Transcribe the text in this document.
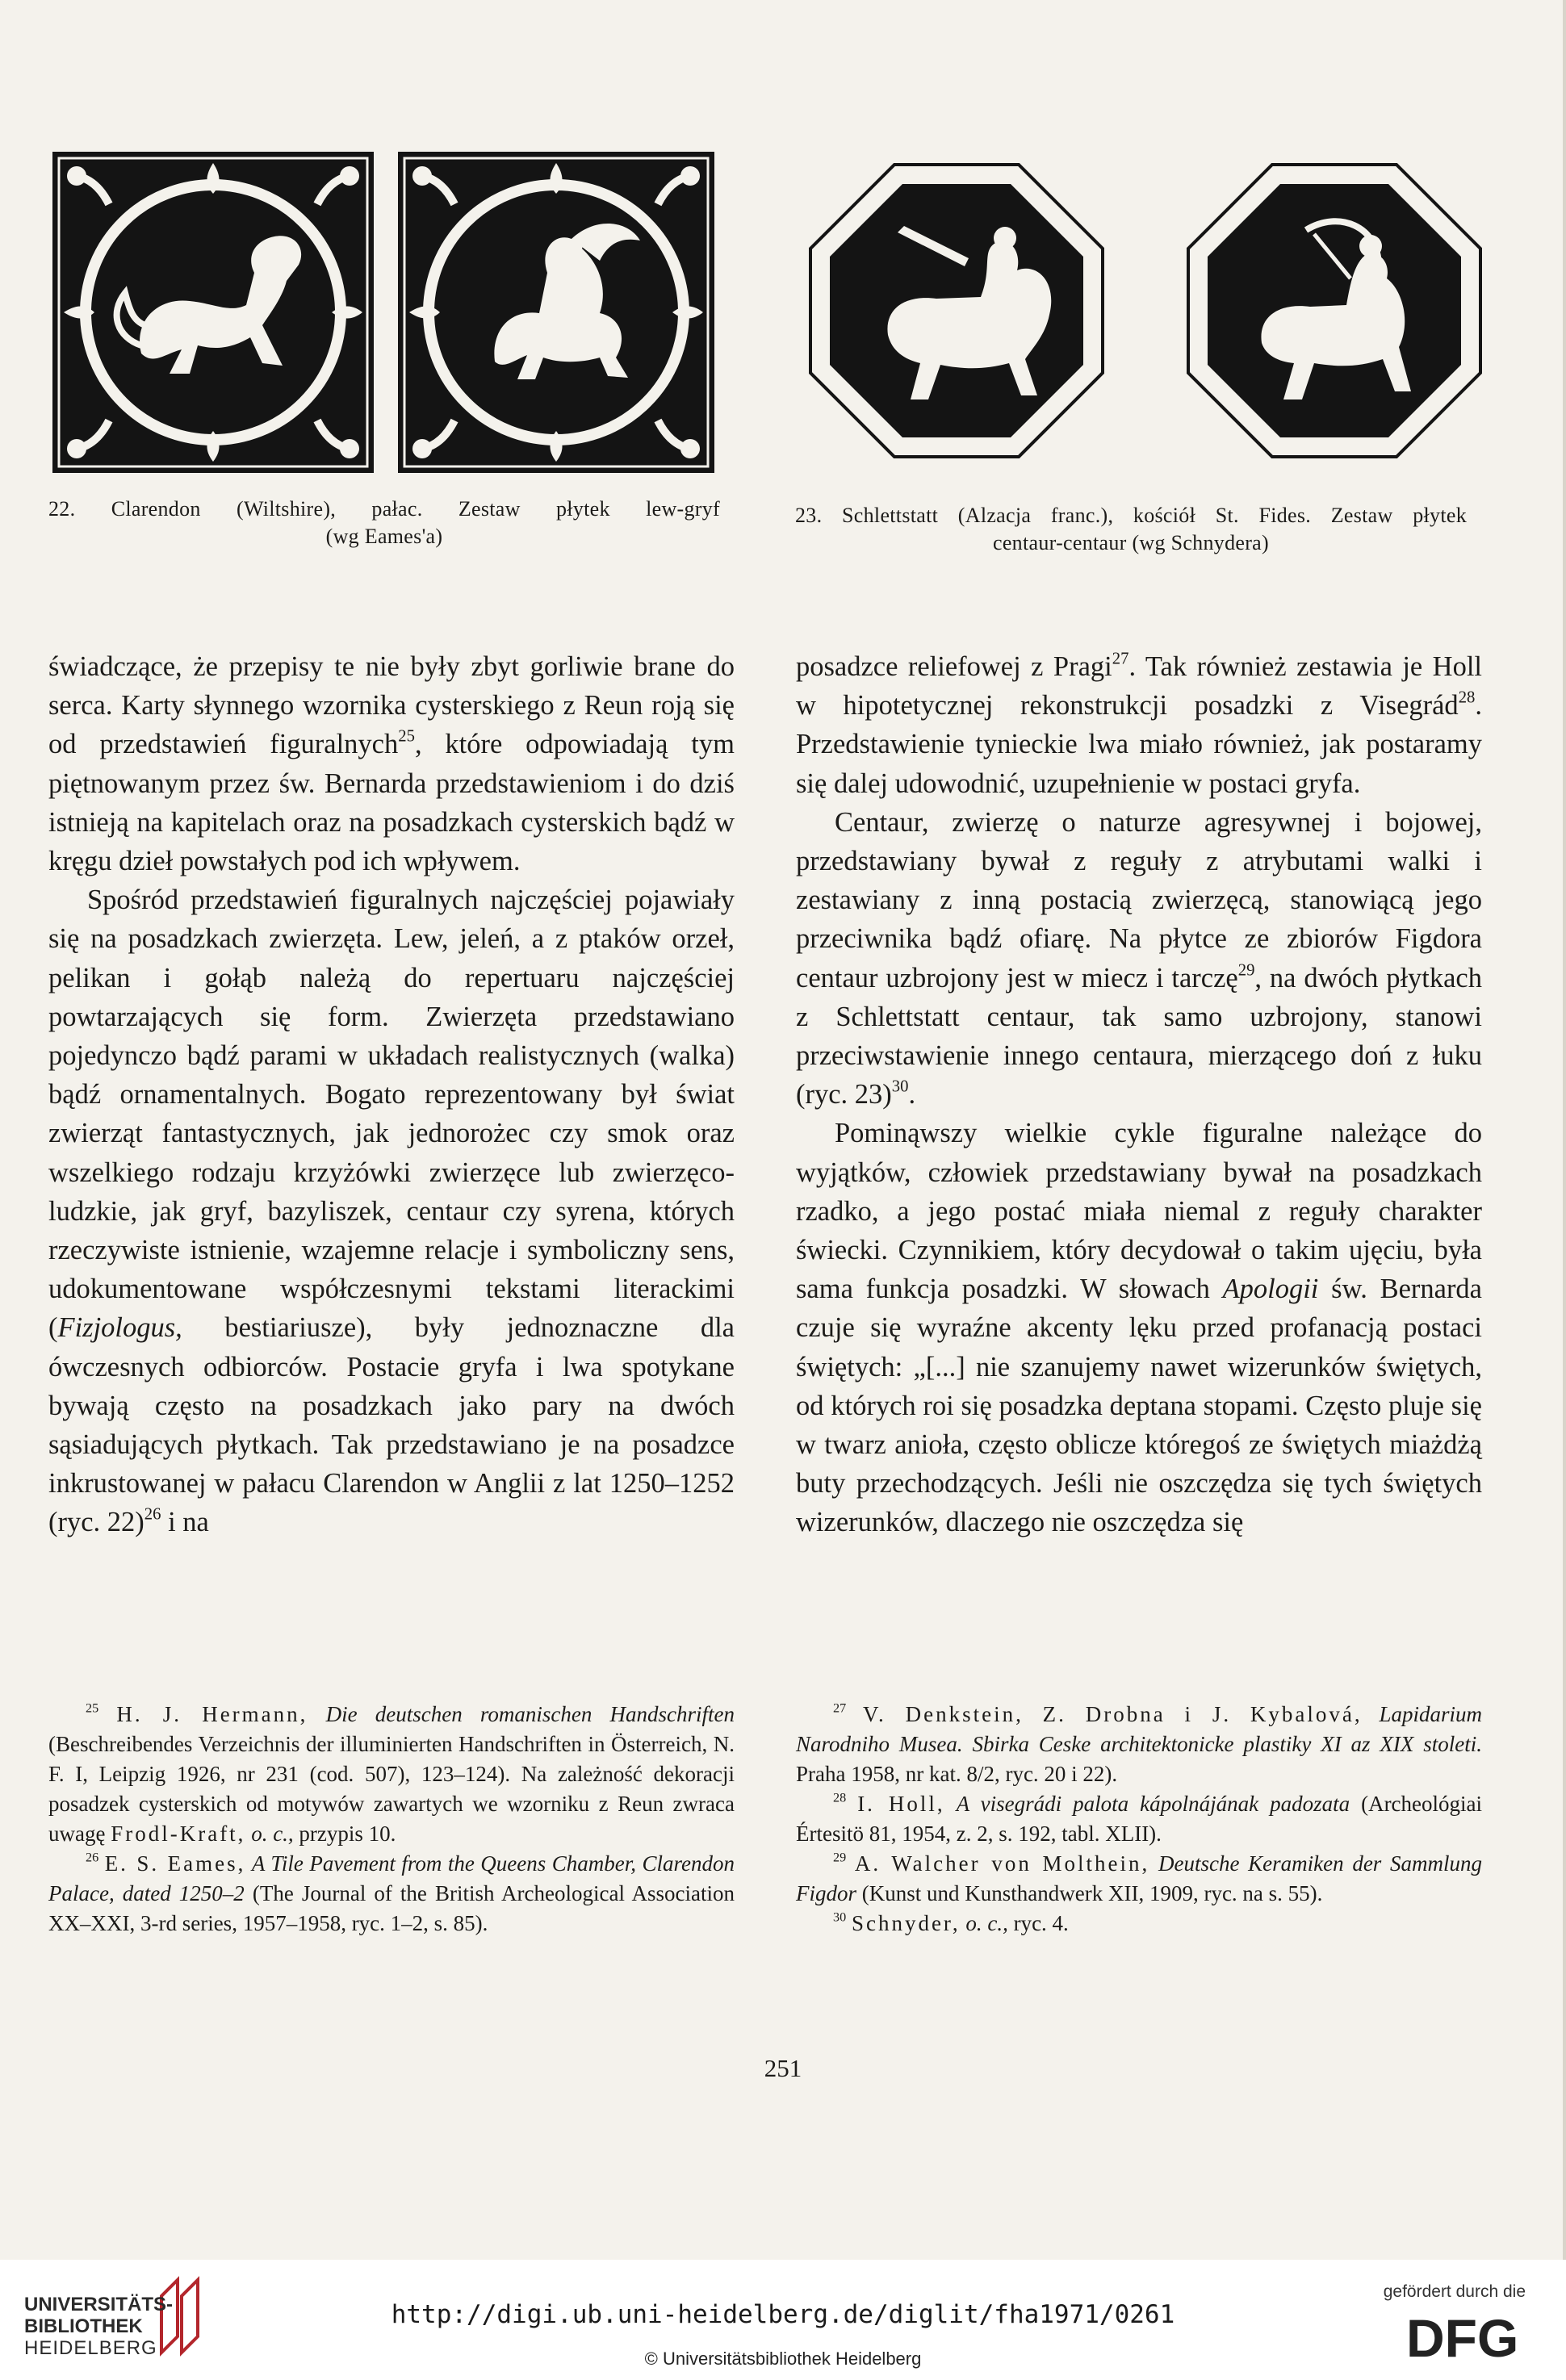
22. Clarendon (Wiltshire), pałac. Zestaw płytek lew-gryf
(wg Eames'a)
23. Schlettstatt (Alzacja franc.), kościół St. Fides. Zestaw płytek
centaur-centaur (wg Schnydera)

świadczące, że przepisy te nie były zbyt gorliwie brane do serca. Karty słynnego wzornika cysterskiego z Reun roją się od przedstawień figuralnych$^{25}$, które odpowiadają tym piętnowanym przez św. Bernarda przedstawieniom i do dziś istnieją na kapitelach oraz na posadzkach cysterskich bądź w kręgu dzieł powstałych pod ich wpływem.

Spośród przedstawień figuralnych najczęściej pojawiały się na posadzkach zwierzęta. Lew, jeleń, a z ptaków orzeł, pelikan i gołąb należą do repertuaru najczęściej powtarzających się form. Zwierzęta przedstawiano pojedynczo bądź parami w układach realistycznych (walka) bądź ornamentalnych. Bogato reprezentowany był świat zwierząt fantastycznych, jak jednorożec czy smok oraz wszelkiego rodzaju krzyżówki zwierzęce lub zwierzęco-ludzkie, jak gryf, bazyliszek, centaur czy syrena, których rzeczywiste istnienie, wzajemne relacje i symboliczny sens, udokumentowane współczesnymi tekstami literackimi (Fizjologus, bestiariusze), były jednoznaczne dla ówczesnych odbiorców. Postacie gryfa i lwa spotykane bywają często na posadzkach jako pary na dwóch sąsiadujących płytkach. Tak przedstawiano je na posadzce inkrustowanej w pałacu Clarendon w Anglii z lat 1250–1252 (ryc. 22)$^{26}$ i na

posadzce reliefowej z Pragi$^{27}$. Tak również zestawia je Holl w hipotetycznej rekonstrukcji posadzki z Visegrád$^{28}$. Przedstawienie tynieckie lwa miało również, jak postaramy się dalej udowodnić, uzupełnienie w postaci gryfa.

Centaur, zwierzę o naturze agresywnej i bojowej, przedstawiany bywał z reguły z atrybutami walki i zestawiany z inną postacią zwierzęcą, stanowiącą jego przeciwnika bądź ofiarę. Na płytce ze zbiorów Figdora centaur uzbrojony jest w miecz i tarczę$^{29}$, na dwóch płytkach z Schlettstatt centaur, tak samo uzbrojony, stanowi przeciwstawienie innego centaura, mierzącego doń z łuku (ryc. 23)$^{30}$.

Pominąwszy wielkie cykle figuralne należące do wyjątków, człowiek przedstawiany bywał na posadzkach rzadko, a jego postać miała niemal z reguły charakter świecki. Czynnikiem, który decydował o takim ujęciu, była sama funkcja posadzki. W słowach Apologii św. Bernarda czuje się wyraźne akcenty lęku przed profanacją postaci świętych: „[...] nie szanujemy nawet wizerunków świętych, od których roi się posadzka deptana stopami. Często pluje się w twarz anioła, często oblicze któregoś ze świętych miażdżą buty przechodzących. Jeśli nie oszczędza się tych świętych wizerunków, dlaczego nie oszczędza się

$^{25}$ H. J. Hermann, Die deutschen romanischen Handschriften (Beschreibendes Verzeichnis der illuminierten Handschriften in Österreich, N. F. I, Leipzig 1926, nr 231 (cod. 507), 123–124). Na zależność dekoracji posadzek cysterskich od motywów zawartych we wzorniku z Reun zwraca uwagę Frodl-Kraft, o. c., przypis 10.

$^{26}$ E. S. Eames, A Tile Pavement from the Queens Chamber, Clarendon Palace, dated 1250–2 (The Journal of the British Archeological Association XX–XXI, 3-rd series, 1957–1958, ryc. 1–2, s. 85).

$^{27}$ V. Denkstein, Z. Drobna i J. Kybalová, Lapidarium Narodniho Musea. Sbirka Ceske architektonicke plastiky XI az XIX stoleti. Praha 1958, nr kat. 8/2, ryc. 20 i 22).

$^{28}$ I. Holl, A visegrádi palota kápolnájának padozata (Archeológiai Értesitö 81, 1954, z. 2, s. 192, tabl. XLII).

$^{29}$ A. Walcher von Molthein, Deutsche Keramiken der Sammlung Figdor (Kunst und Kunsthandwerk XII, 1909, ryc. na s. 55).

$^{30}$ Schnyder, o. c., ryc. 4.

251
UNIVERSITÄTS-
BIBLIOTHEK
HEIDELBERG
http://digi.ub.uni-heidelberg.de/diglit/fha1971/0261
© Universitätsbibliothek Heidelberg
gefördert durch die
DFG
